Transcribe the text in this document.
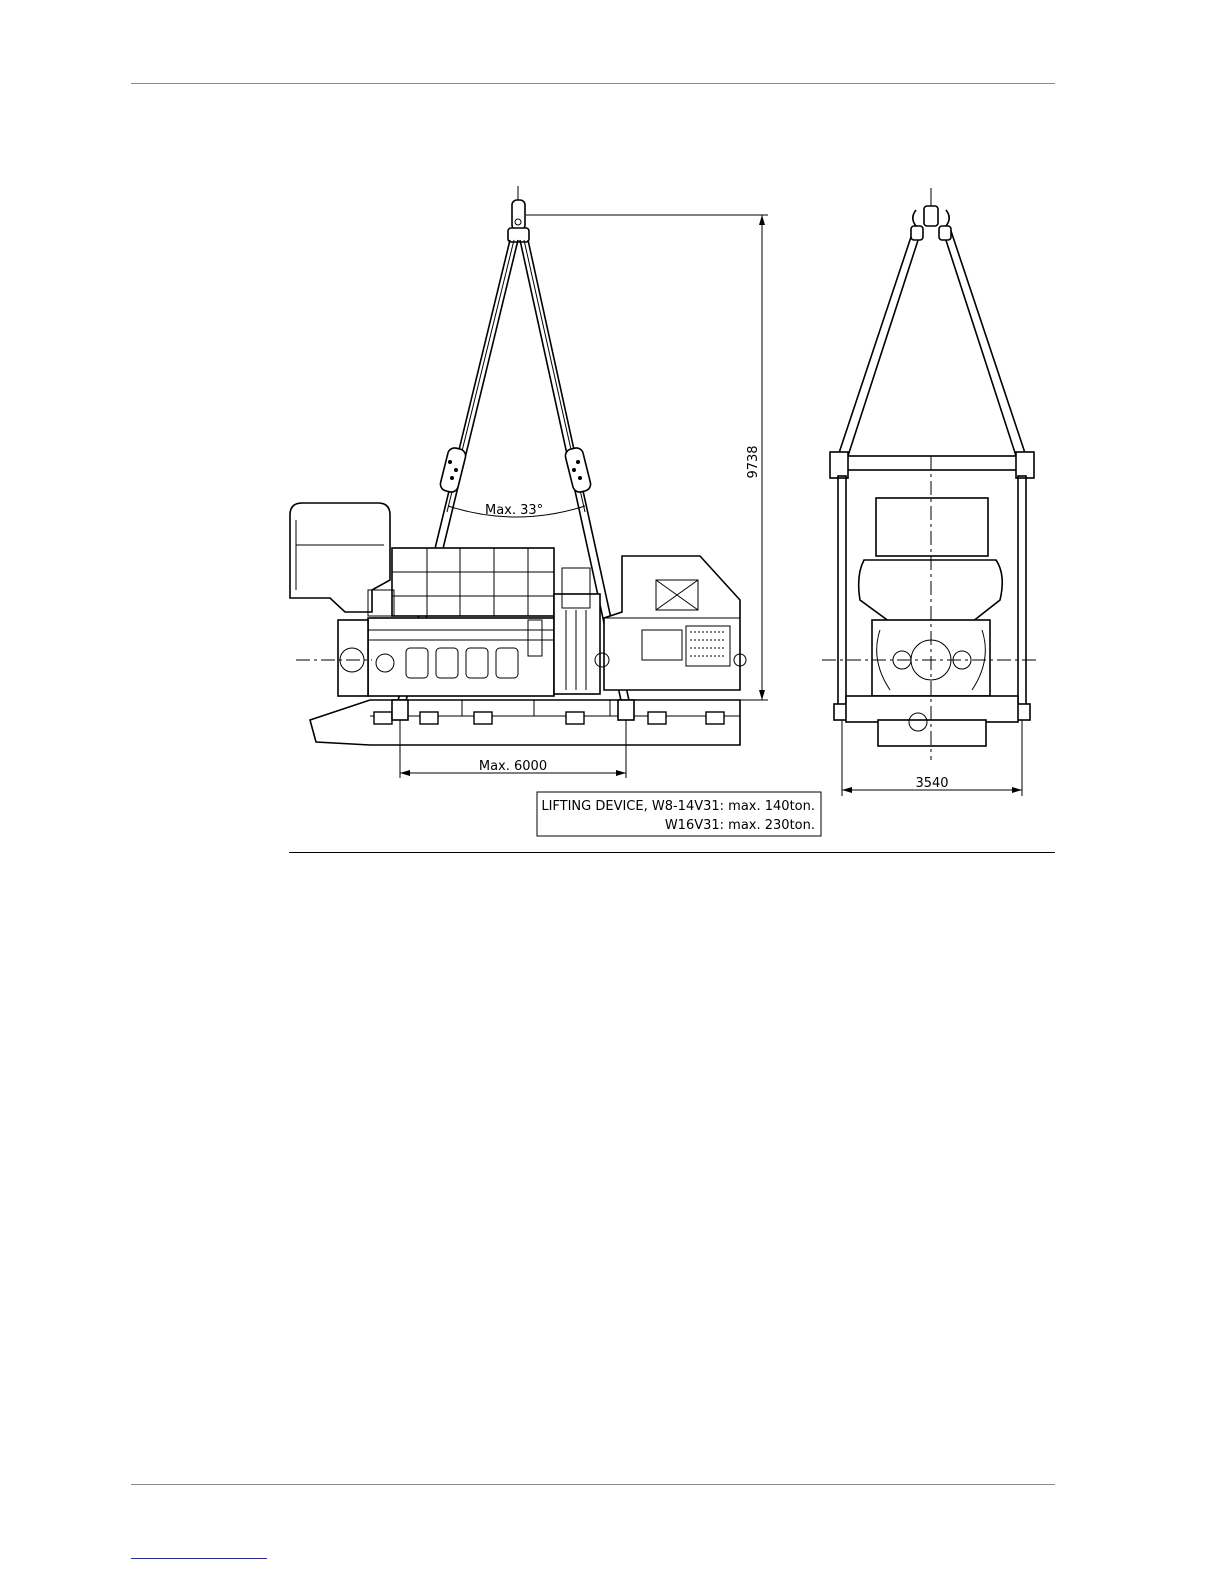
Max. 33°
9738
Max. 6000
3540
LIFTING DEVICE, W8-14V31: max. 140ton.
W16V31: max. 230ton.
